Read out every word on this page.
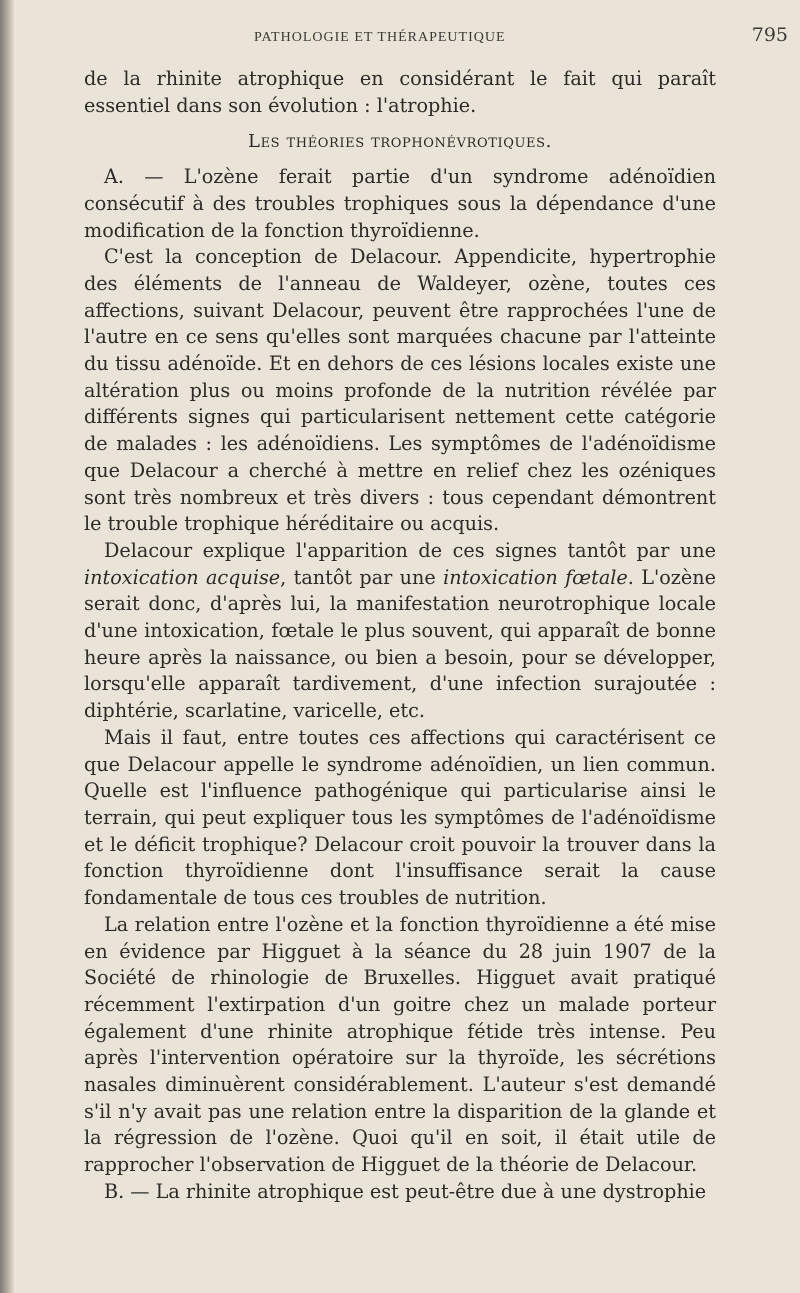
PATHOLOGIE ET THÉRAPEUTIQUE	795

de la rhinite atrophique en considérant le fait qui paraît essentiel dans son évolution : l'atrophie.

Les théories trophonévrotiques.

A. — L'ozène ferait partie d'un syndrome adénoïdien consécutif à des troubles trophiques sous la dépendance d'une modification de la fonction thyroïdienne.

C'est la conception de Delacour. Appendicite, hypertrophie des éléments de l'anneau de Waldeyer, ozène, toutes ces affections, suivant Delacour, peuvent être rapprochées l'une de l'autre en ce sens qu'elles sont marquées chacune par l'atteinte du tissu adénoïde. Et en dehors de ces lésions locales existe une altération plus ou moins profonde de la nutrition révélée par différents signes qui particularisent nettement cette catégorie de malades : les adénoïdiens. Les symptômes de l'adénoïdisme que Delacour a cherché à mettre en relief chez les ozéniques sont très nombreux et très divers : tous cependant démontrent le trouble trophique héréditaire ou acquis.

Delacour explique l'apparition de ces signes tantôt par une intoxication acquise, tantôt par une intoxication fœtale. L'ozène serait donc, d'après lui, la manifestation neurotrophique locale d'une intoxication, fœtale le plus souvent, qui apparaît de bonne heure après la naissance, ou bien a besoin, pour se développer, lorsqu'elle apparaît tardivement, d'une infection surajoutée : diphtérie, scarlatine, varicelle, etc.

Mais il faut, entre toutes ces affections qui caractérisent ce que Delacour appelle le syndrome adénoïdien, un lien commun. Quelle est l'influence pathogénique qui particularise ainsi le terrain, qui peut expliquer tous les symptômes de l'adénoïdisme et le déficit trophique? Delacour croit pouvoir la trouver dans la fonction thyroïdienne dont l'insuffisance serait la cause fondamentale de tous ces troubles de nutrition.

La relation entre l'ozène et la fonction thyroïdienne a été mise en évidence par Higguet à la séance du 28 juin 1907 de la Société de rhinologie de Bruxelles. Higguet avait pratiqué récemment l'extirpation d'un goitre chez un malade porteur également d'une rhinite atrophique fétide très intense. Peu après l'intervention opératoire sur la thyroïde, les sécrétions nasales diminuèrent considérablement. L'auteur s'est demandé s'il n'y avait pas une relation entre la disparition de la glande et la régression de l'ozène. Quoi qu'il en soit, il était utile de rapprocher l'observation de Higguet de la théorie de Delacour.

B. — La rhinite atrophique est peut-être due à une dystrophie
